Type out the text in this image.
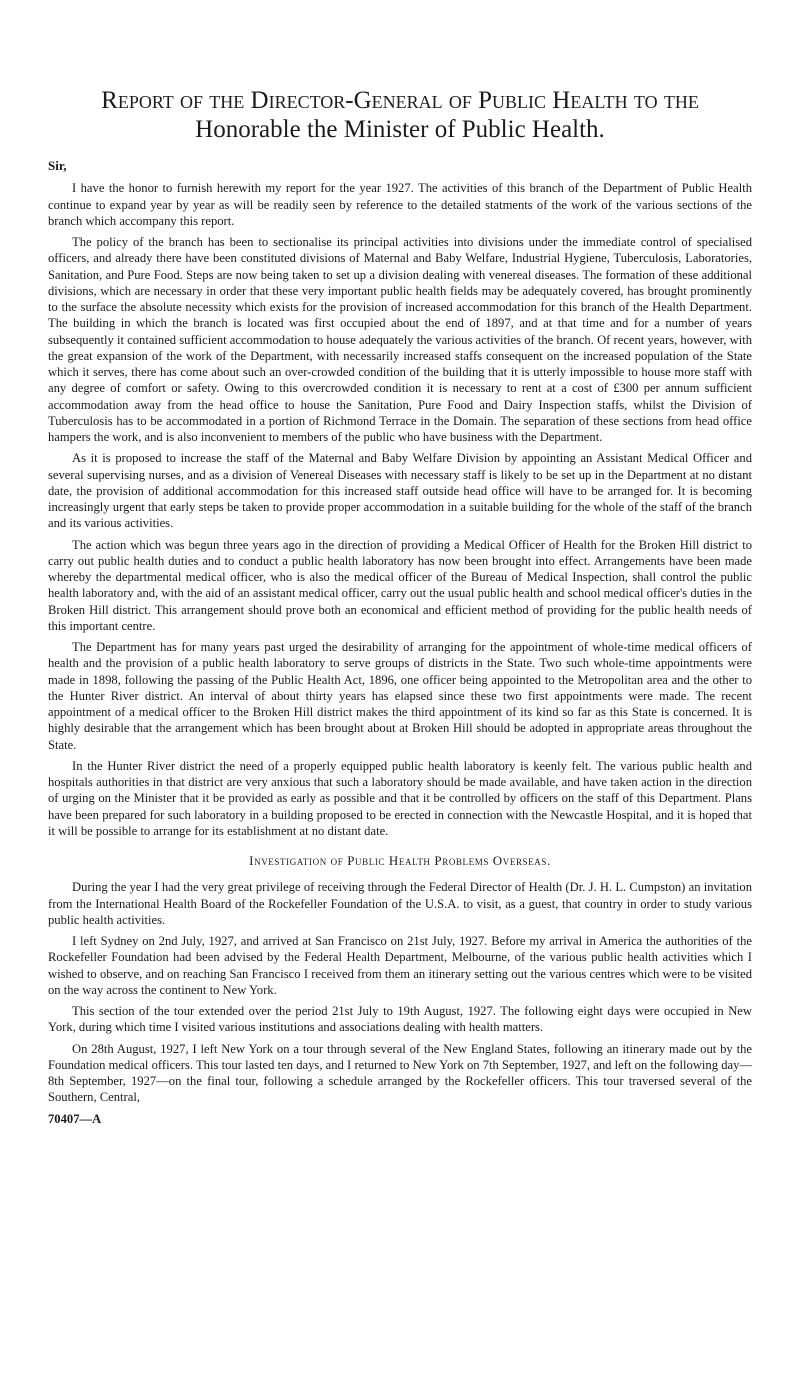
Report of the Director-General of Public Health to the
Honorable the Minister of Public Health.
Sir,

I have the honor to furnish herewith my report for the year 1927. The activities of this branch of the Department of Public Health continue to expand year by year as will be readily seen by reference to the detailed statments of the work of the various sections of the branch which accompany this report.

The policy of the branch has been to sectionalise its principal activities into divisions under the immediate control of specialised officers, and already there have been constituted divisions of Maternal and Baby Welfare, Industrial Hygiene, Tuberculosis, Laboratories, Sanitation, and Pure Food. Steps are now being taken to set up a division dealing with venereal diseases. The formation of these additional divisions, which are necessary in order that these very important public health fields may be adequately covered, has brought prominently to the surface the absolute necessity which exists for the provision of increased accommodation for this branch of the Health Department. The building in which the branch is located was first occupied about the end of 1897, and at that time and for a number of years subsequently it contained sufficient accommodation to house adequately the various activities of the branch. Of recent years, however, with the great expansion of the work of the Department, with necessarily increased staffs consequent on the increased population of the State which it serves, there has come about such an over-crowded condition of the building that it is utterly impossible to house more staff with any degree of comfort or safety. Owing to this overcrowded condition it is necessary to rent at a cost of £300 per annum sufficient accommodation away from the head office to house the Sanitation, Pure Food and Dairy Inspection staffs, whilst the Division of Tuberculosis has to be accommodated in a portion of Richmond Terrace in the Domain. The separation of these sections from head office hampers the work, and is also inconvenient to members of the public who have business with the Department.

As it is proposed to increase the staff of the Maternal and Baby Welfare Division by appointing an Assistant Medical Officer and several supervising nurses, and as a division of Venereal Diseases with necessary staff is likely to be set up in the Department at no distant date, the provision of additional accommodation for this increased staff outside head office will have to be arranged for. It is becoming increasingly urgent that early steps be taken to provide proper accommodation in a suitable building for the whole of the staff of the branch and its various activities.

The action which was begun three years ago in the direction of providing a Medical Officer of Health for the Broken Hill district to carry out public health duties and to conduct a public health laboratory has now been brought into effect. Arrangements have been made whereby the departmental medical officer, who is also the medical officer of the Bureau of Medical Inspection, shall control the public health laboratory and, with the aid of an assistant medical officer, carry out the usual public health and school medical officer's duties in the Broken Hill district. This arrangement should prove both an economical and efficient method of providing for the public health needs of this important centre.

The Department has for many years past urged the desirability of arranging for the appointment of whole-time medical officers of health and the provision of a public health laboratory to serve groups of districts in the State. Two such whole-time appointments were made in 1898, following the passing of the Public Health Act, 1896, one officer being appointed to the Metropolitan area and the other to the Hunter River district. An interval of about thirty years has elapsed since these two first appointments were made. The recent appointment of a medical officer to the Broken Hill district makes the third appointment of its kind so far as this State is concerned. It is highly desirable that the arrangement which has been brought about at Broken Hill should be adopted in appropriate areas throughout the State.

In the Hunter River district the need of a properly equipped public health laboratory is keenly felt. The various public health and hospitals authorities in that district are very anxious that such a laboratory should be made available, and have taken action in the direction of urging on the Minister that it be provided as early as possible and that it be controlled by officers on the staff of this Department. Plans have been prepared for such laboratory in a building proposed to be erected in connection with the Newcastle Hospital, and it is hoped that it will be possible to arrange for its establishment at no distant date.

Investigation of Public Health Problems Overseas.

During the year I had the very great privilege of receiving through the Federal Director of Health (Dr. J. H. L. Cumpston) an invitation from the International Health Board of the Rockefeller Foundation of the U.S.A. to visit, as a guest, that country in order to study various public health activities.

I left Sydney on 2nd July, 1927, and arrived at San Francisco on 21st July, 1927. Before my arrival in America the authorities of the Rockefeller Foundation had been advised by the Federal Health Department, Melbourne, of the various public health activities which I wished to observe, and on reaching San Francisco I received from them an itinerary setting out the various centres which were to be visited on the way across the continent to New York.

This section of the tour extended over the period 21st July to 19th August, 1927. The following eight days were occupied in New York, during which time I visited various institutions and associations dealing with health matters.

On 28th August, 1927, I left New York on a tour through several of the New England States, following an itinerary made out by the Foundation medical officers. This tour lasted ten days, and I returned to New York on 7th September, 1927, and left on the following day—8th September, 1927—on the final tour, following a schedule arranged by the Rockefeller officers. This tour traversed several of the Southern, Central,

70407—A
